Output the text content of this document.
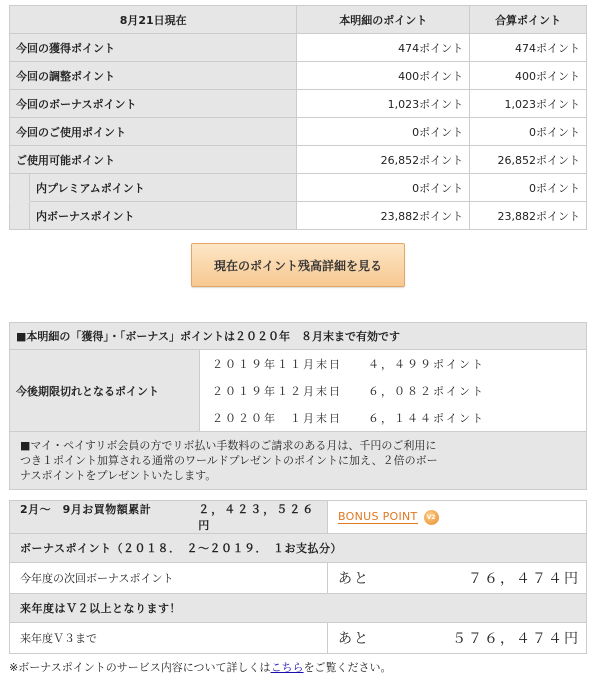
8月21日現在		本明細のポイント	合算ポイント
今回の獲得ポイント		474ポイント	474ポイント
今回の調整ポイント		400ポイント	400ポイント
今回のボーナスポイント		1,023ポイント	1,023ポイント
今回のご使用ポイント		0ポイント	0ポイント
ご使用可能ポイント		26,852ポイント	26,852ポイント
	内プレミアムポイント	0ポイント	0ポイント
	内ボーナスポイント	23,882ポイント	23,882ポイント
現在のポイント残高詳細を見る
■本明細の「獲得」・「ボーナス」ポイントは２０２０年　８月末まで有効です
今後期限切れとなるポイント	
２０１９年１１月末日	４，４９９ポイント
２０１９年１２月末日	６，０８２ポイント
２０２０年　１月末日	６，１４４ポイント

■マイ・ペイすリボ会員の方でリボ払い手数料のご請求のある月は、千円のご利用につき１ポイント加算される通常のワールドプレゼントのポイントに加え、２倍のボーナスポイントをプレゼントいたします。
2月～　9月お買物額累計 ２，４２３，５２６円	BONUS POINT V2

ボーナスポイント（２０１８．　２～２０１９．　１お支払分）	
今年度の次回ボーナスポイント	あと ７６，４７４円

来年度はＶ２以上となります！	
来年度Ｖ３まで	あと ５７６，４７４円
※ボーナスポイントのサービス内容について詳しくはこちらをご覧ください。
